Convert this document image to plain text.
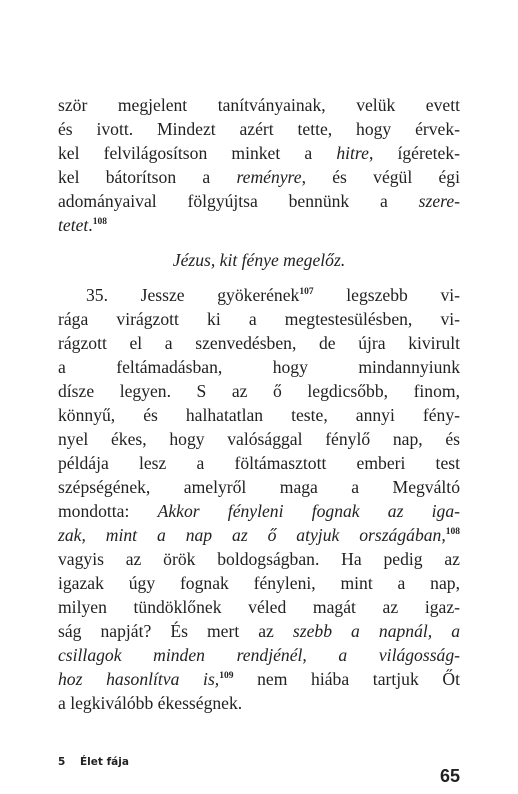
ször megjelent tanítványainak, velük evett
és ivott. Mindezt azért tette, hogy érvek-
kel felvilágosítson minket a hitre, ígéretek-
kel bátorítson a reményre, és végül égi
adományaival fölgyújtsa bennünk a szere-
tetet.$^{108}$
Jézus, kit fénye megelőz.
35. Jessze gyökerének$^{107}$ legszebb vi-
rága virágzott ki a megtestesülésben, vi-
rágzott el a szenvedésben, de újra kivirult
a feltámadásban, hogy mindannyiunk
dísze legyen. S az ő legdicsőbb, finom,
könnyű, és halhatatlan teste, annyi fény-
nyel ékes, hogy valósággal fénylő nap, és
példája lesz a föltámasztott emberi test
szépségének, amelyről maga a Megváltó
mondotta: Akkor fényleni fognak az iga-
zak, mint a nap az ő atyjuk országában,$^{108}$
vagyis az örök boldogságban. Ha pedig az
igazak úgy fognak fényleni, mint a nap,
milyen tündöklőnek véled magát az igaz-
ság napját? És mert az szebb a napnál, a
csillagok minden rendjénél, a világosság-
hoz hasonlítva is,$^{109}$ nem hiába tartjuk Őt
a legkiválóbb ékességnek.
5 Élet fája
65
